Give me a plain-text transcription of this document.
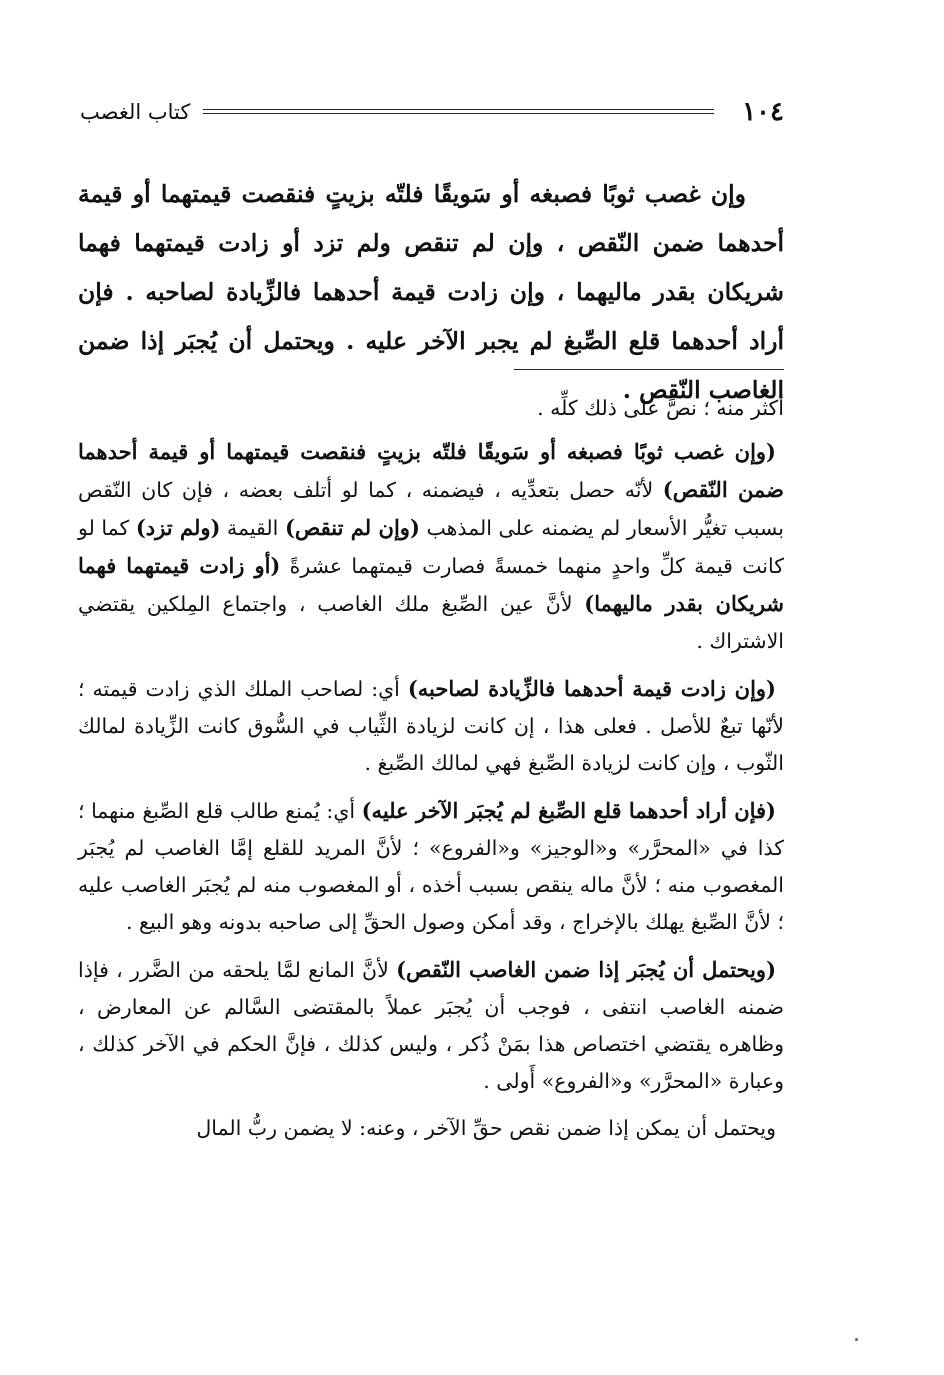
١٠٤
كتاب الغصب
وإن غصب ثوبًا فصبغه أو سَويقًا فلتّه بزيتٍ فنقصت قيمتهما أو قيمة أحدهما ضمن النّقص ، وإن لم تنقص ولم تزد أو زادت قيمتهما فهما شريكان بقدر ماليهما ، وإن زادت قيمة أحدهما فالزِّيادة لصاحبه . فإن أراد أحدهما قلع الصِّبغ لم يجبر الآخر عليه . ويحتمل أن يُجبَر إذا ضمن الغاصب النّقص .

أكثر منه ؛ نصَّ على ذلك كلِّه .

(وإن غصب ثوبًا فصبغه أو سَويقًا فلتّه بزيتٍ فنقصت قيمتهما أو قيمة أحدهما ضمن النّقص) لأنّه حصل بتعدِّيه ، فيضمنه ، كما لو أتلف بعضه ، فإن كان النّقص بسبب تغيُّر الأسعار لم يضمنه على المذهب (وإن لم تنقص) القيمة (ولم تزد) كما لو كانت قيمة كلِّ واحدٍ منهما خمسةً فصارت قيمتهما عشرةً (أو زادت قيمتهما فهما شريكان بقدر ماليهما) لأنَّ عين الصِّبغ ملك الغاصب ، واجتماع المِلكين يقتضي الاشتراك .

(وإن زادت قيمة أحدهما فالزِّيادة لصاحبه) أي: لصاحب الملك الذي زادت قيمته ؛ لأنّها تبعٌ للأصل . فعلى هذا ، إن كانت لزيادة الثِّياب في السُّوق كانت الزِّيادة لمالك الثّوب ، وإن كانت لزيادة الصِّبغ فهي لمالك الصِّبغ .

(فإن أراد أحدهما قلع الصِّبغ لم يُجبَر الآخر عليه) أي: يُمنع طالب قلع الصِّبغ منهما ؛ كذا في «المحرَّر» و«الوجيز» و«الفروع» ؛ لأنَّ المريد للقلع إمَّا الغاصب لم يُجبَر المغصوب منه ؛ لأنَّ ماله ينقص بسبب أخذه ، أو المغصوب منه لم يُجبَر الغاصب عليه ؛ لأنَّ الصِّبغ يهلك بالإخراج ، وقد أمكن وصول الحقِّ إلى صاحبه بدونه وهو البيع .

(ويحتمل أن يُجبَر إذا ضمن الغاصب النّقص) لأنَّ المانع لمَّا يلحقه من الضَّرر ، فإذا ضمنه الغاصب انتفى ، فوجب أن يُجبَر عملاً بالمقتضى السَّالم عن المعارض ، وظاهره يقتضي اختصاص هذا بمَنْ ذُكر ، وليس كذلك ، فإنَّ الحكم في الآخر كذلك ، وعبارة «المحرَّر» و«الفروع» أَولى .

ويحتمل أن يمكن إذا ضمن نقص حقِّ الآخر ، وعنه: لا يضمن ربُّ المال
